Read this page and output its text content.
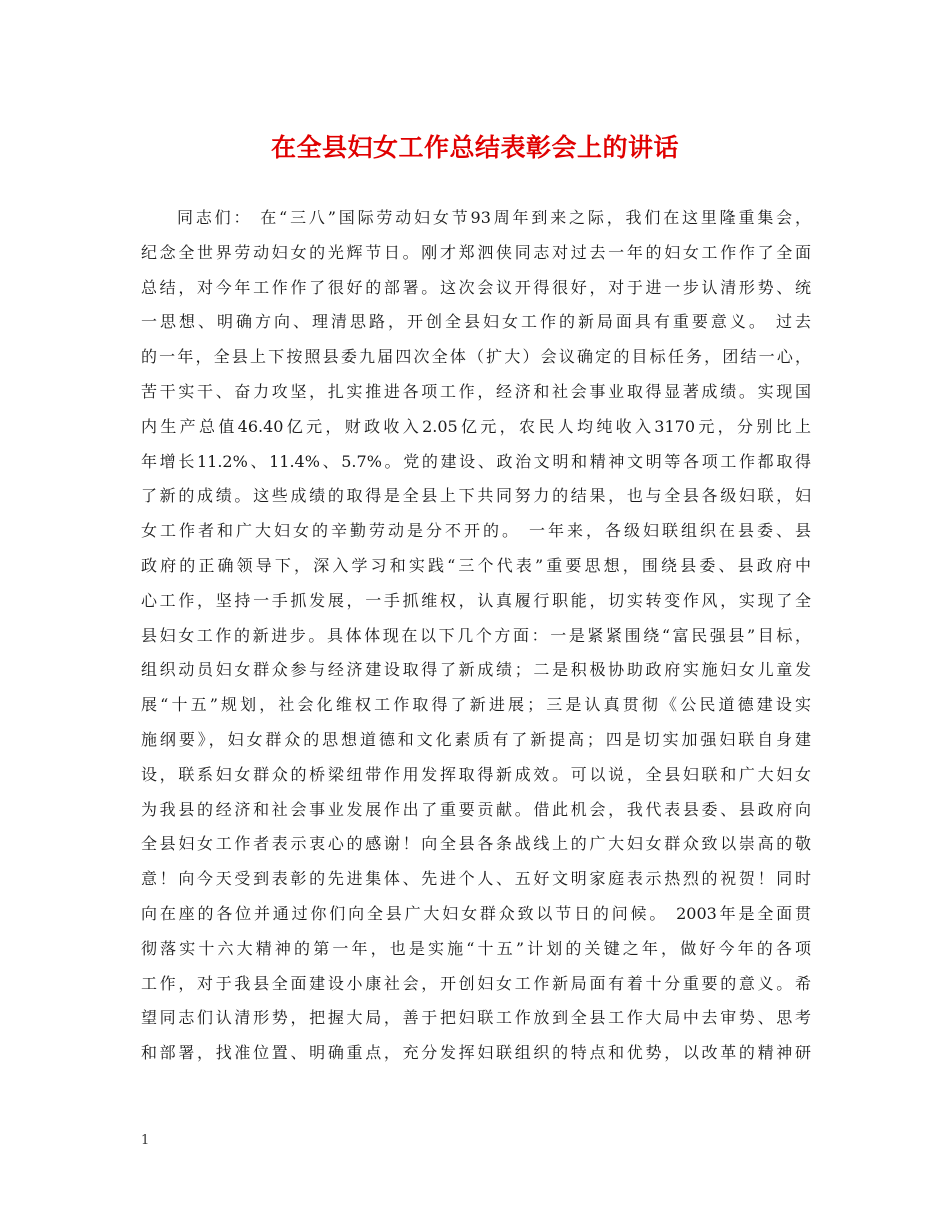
在全县妇女工作总结表彰会上的讲话
同志们： 在“三八”国际劳动妇女节93周年到来之际，我们在这里隆重集会，
纪念全世界劳动妇女的光辉节日。刚才郑泗侠同志对过去一年的妇女工作作了全面
总结，对今年工作作了很好的部署。这次会议开得很好，对于进一步认清形势、统
一思想、明确方向、理清思路，开创全县妇女工作的新局面具有重要意义。 过去
的一年，全县上下按照县委九届四次全体（扩大）会议确定的目标任务，团结一心，
苦干实干、奋力攻坚，扎实推进各项工作，经济和社会事业取得显著成绩。实现国
内生产总值46.40亿元，财政收入2.05亿元，农民人均纯收入3170元，分别比上
年增长11.2%、11.4%、5.7%。党的建设、政治文明和精神文明等各项工作都取得
了新的成绩。这些成绩的取得是全县上下共同努力的结果，也与全县各级妇联，妇
女工作者和广大妇女的辛勤劳动是分不开的。 一年来，各级妇联组织在县委、县
政府的正确领导下，深入学习和实践“三个代表”重要思想，围绕县委、县政府中
心工作，坚持一手抓发展，一手抓维权，认真履行职能，切实转变作风，实现了全
县妇女工作的新进步。具体体现在以下几个方面：一是紧紧围绕“富民强县”目标，
组织动员妇女群众参与经济建设取得了新成绩；二是积极协助政府实施妇女儿童发
展“十五”规划，社会化维权工作取得了新进展；三是认真贯彻《公民道德建设实
施纲要》，妇女群众的思想道德和文化素质有了新提高；四是切实加强妇联自身建
设，联系妇女群众的桥梁纽带作用发挥取得新成效。可以说，全县妇联和广大妇女
为我县的经济和社会事业发展作出了重要贡献。借此机会，我代表县委、县政府向
全县妇女工作者表示衷心的感谢！向全县各条战线上的广大妇女群众致以崇高的敬
意！向今天受到表彰的先进集体、先进个人、五好文明家庭表示热烈的祝贺！同时
向在座的各位并通过你们向全县广大妇女群众致以节日的问候。 2003年是全面贯
彻落实十六大精神的第一年，也是实施“十五”计划的关键之年，做好今年的各项
工作，对于我县全面建设小康社会，开创妇女工作新局面有着十分重要的意义。希
望同志们认清形势，把握大局，善于把妇联工作放到全县工作大局中去审势、思考
和部署，找准位置、明确重点，充分发挥妇联组织的特点和优势，以改革的精神研
1
